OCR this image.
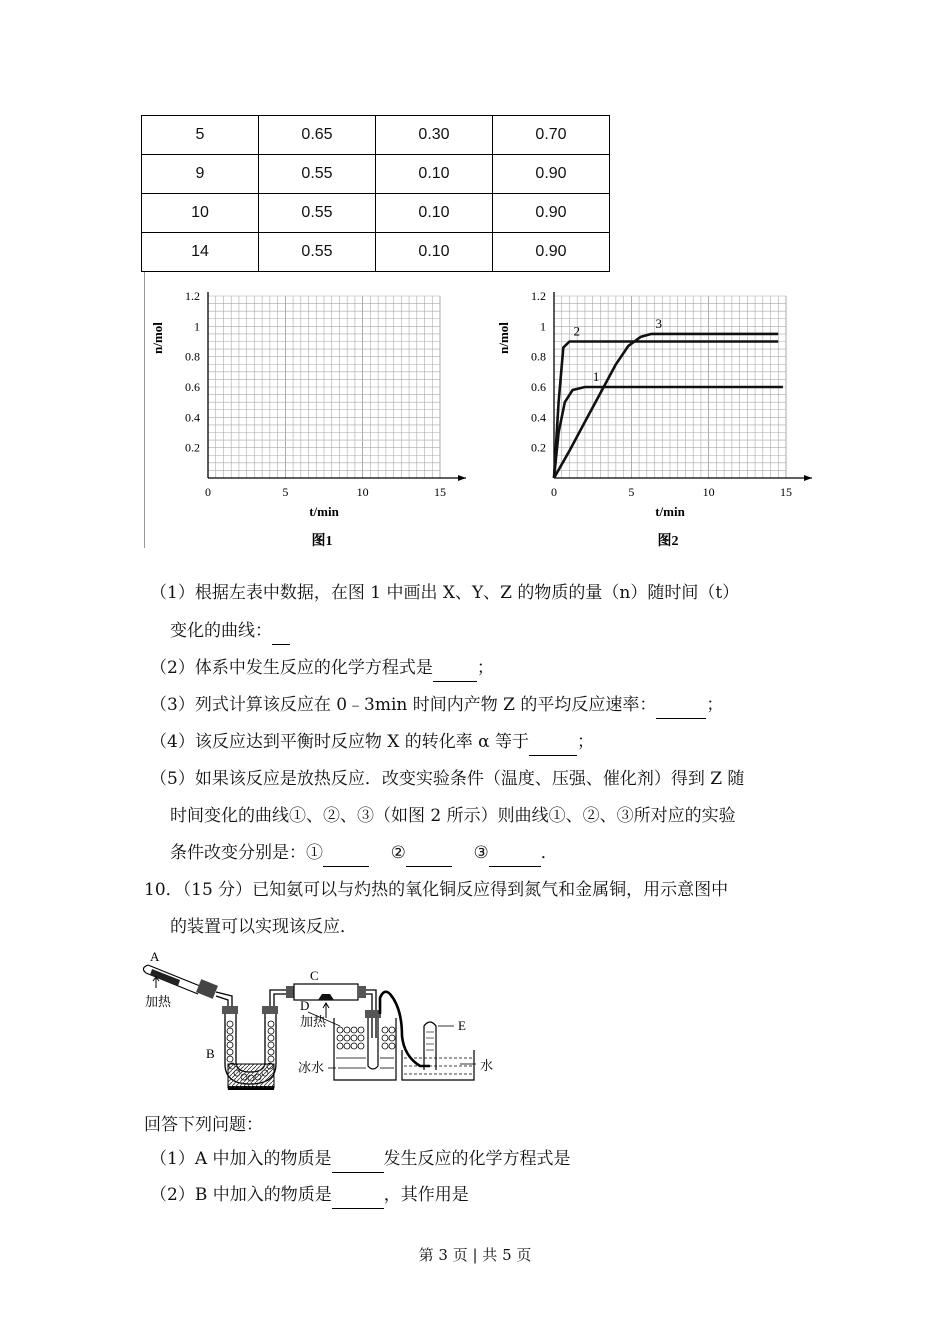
5	0.65	0.30	0.70
9	0.55	0.10	0.90
10	0.55	0.10	0.90
14	0.55	0.10	0.90
0	5	10	15
0.2
0.4
0.6
0.8
1
1.2
t/min
n/mol
图1
0	5	10	15
0.2
0.4
0.6
0.8
1
1.2
t/min
n/mol
图2
1
2
3
（1）根据左表中数据，在图 1 中画出 X、Y、Z 的物质的量（n）随时间（t）
变化的曲线：
（2）体系中发生反应的化学方程式是	；
（3）列式计算该反应在 0﹣3min 时间内产物 Z 的平均反应速率：	；
（4）该反应达到平衡时反应物 X 的转化率 α 等于	；
（5）如果该反应是放热反应．改变实验条件（温度、压强、催化剂）得到 Z 随
时间变化的曲线①、②、③（如图 2 所示）则曲线①、②、③所对应的实验
条件改变分别是：①	②	③	．
10．（15 分）已知氨可以与灼热的氧化铜反应得到氮气和金属铜，用示意图中
的装置可以实现该反应．
A
加热
B
C
加热
D
冰水
E
水
回答下列问题：
（1）A 中加入的物质是	发生反应的化学方程式是
（2）B 中加入的物质是	，其作用是
第 3 页 | 共 5 页
